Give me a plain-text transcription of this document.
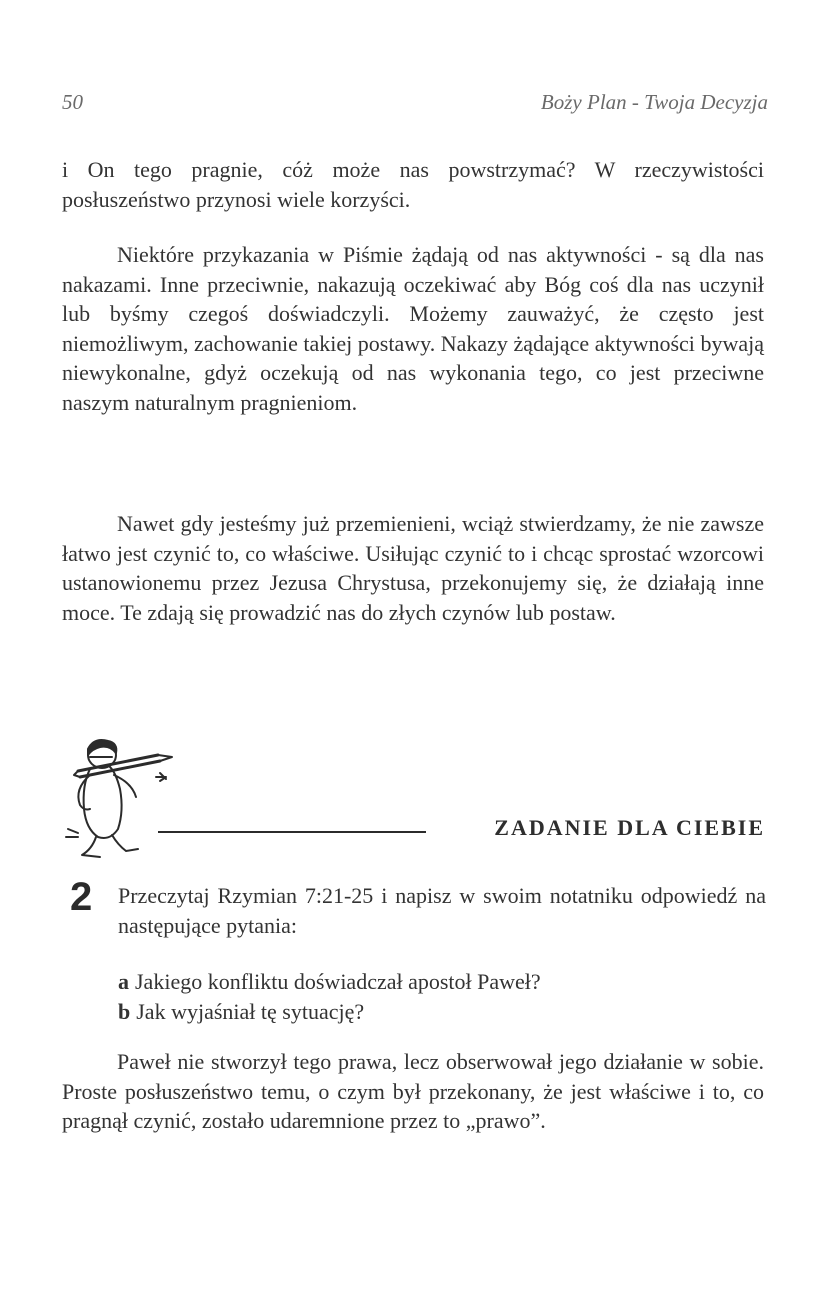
50	Boży Plan - Twoja Decyzja

i On tego pragnie, cóż może nas powstrzymać? W rzeczywistości posłuszeństwo przynosi wiele korzyści.

Niektóre przykazania w Piśmie żądają od nas aktywności - są dla nas nakazami. Inne przeciwnie, nakazują oczekiwać aby Bóg coś dla nas uczynił lub byśmy czegoś doświadczyli. Możemy zauważyć, że często jest niemożliwym, zachowanie takiej postawy. Nakazy żądające aktywności bywają niewykonalne, gdyż oczekują od nas wykonania tego, co jest przeciwne naszym naturalnym pragnieniom.

Nawet gdy jesteśmy już przemienieni, wciąż stwierdzamy, że nie zawsze łatwo jest czynić to, co właściwe. Usiłując czynić to i chcąc sprostać wzorcowi ustanowionemu przez Jezusa Chrystusa, przekonujemy się, że działają inne moce. Te zdają się prowadzić nas do złych czynów lub postaw.

ZADANIE DLA CIEBIE
2 Przeczytaj Rzymian 7:21-25 i napisz w swoim notatniku odpowiedź na następujące pytania:

a Jakiego konfliktu doświadczał apostoł Paweł?
b Jak wyjaśniał tę sytuację?

Paweł nie stworzył tego prawa, lecz obserwował jego działanie w sobie. Proste posłuszeństwo temu, o czym był przekonany, że jest właściwe i to, co pragnął czynić, zostało udaremnione przez to „prawo”.
